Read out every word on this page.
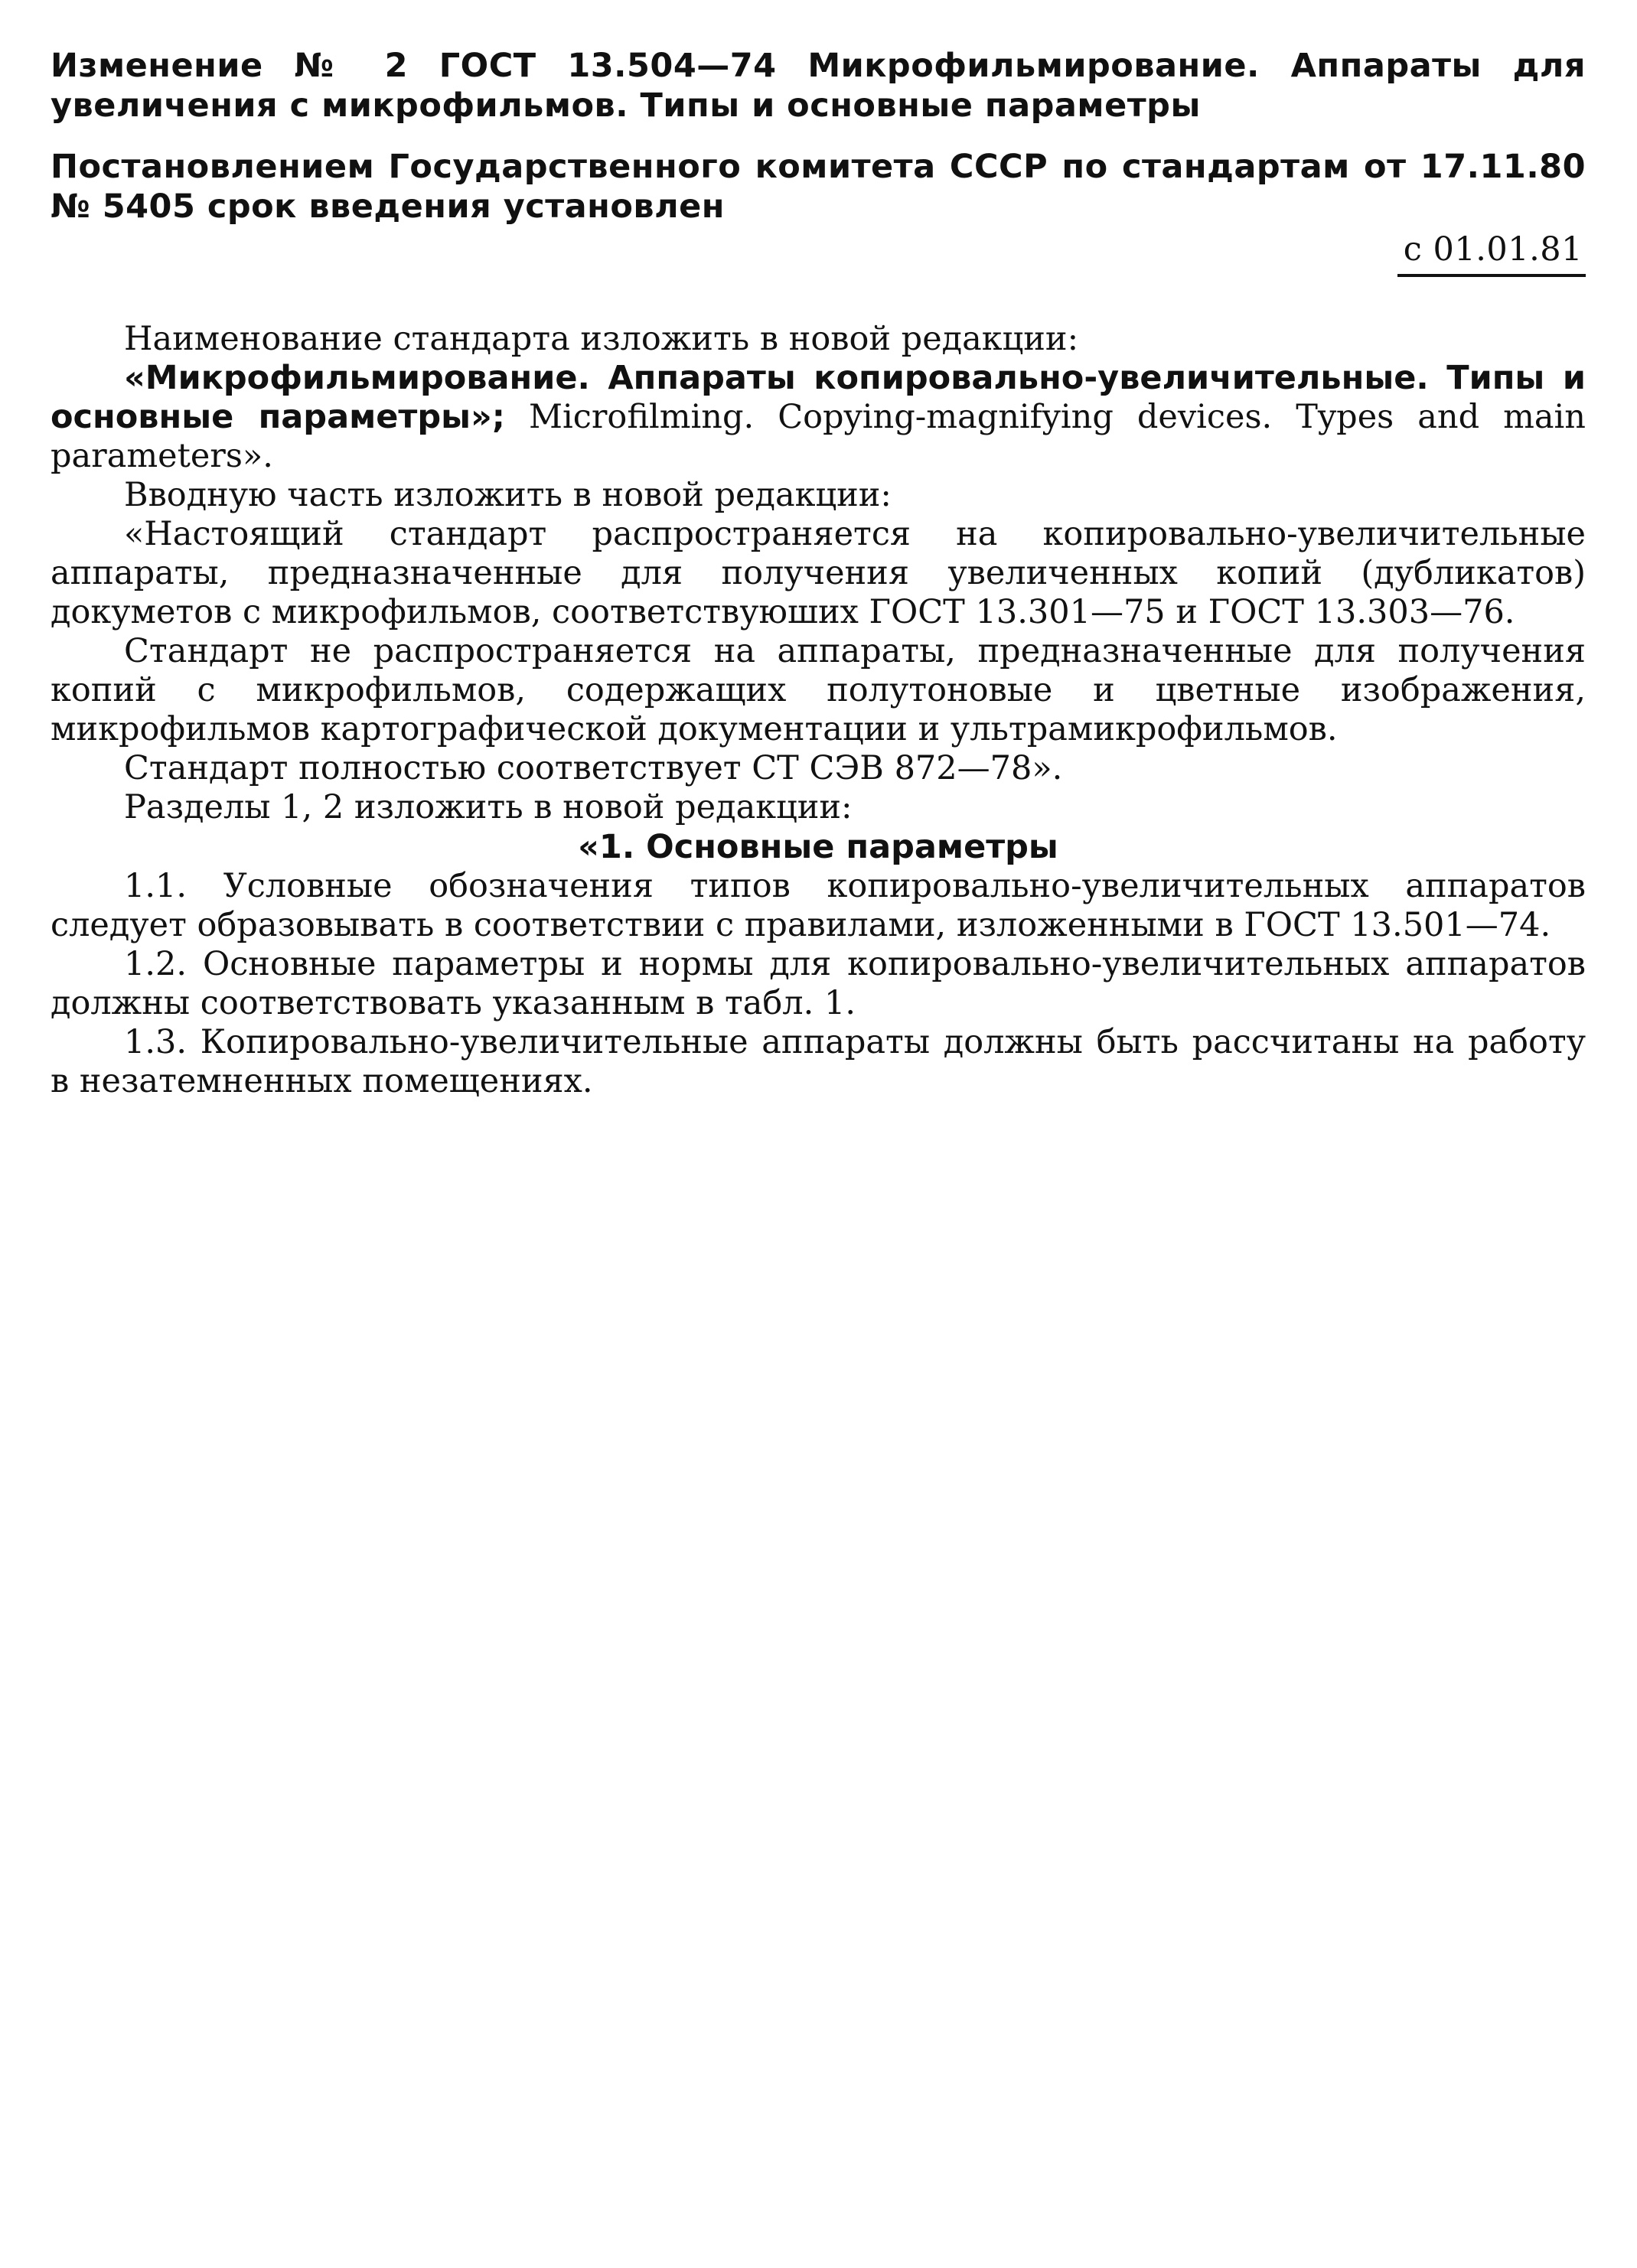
Изменение № 2 ГОСТ 13.504—74 Микрофильмирование. Аппараты для увеличения с микрофильмов. Типы и основные параметры

Постановлением Государственного комитета СССР по стандартам от 17.11.80 № 5405 срок введения установлен

с 01.01.81

Наименование стандарта изложить в новой редакции:

«Микрофильмирование. Аппараты копировально-увеличительные. Типы и основные параметры»; Microfilming. Copying-magnifying devices. Types and main parameters».

Вводную часть изложить в новой редакции:

«Настоящий стандарт распространяется на копировально-увеличительные аппараты, предназначенные для получения увеличенных копий (дубликатов) докуметов с микрофильмов, соответствуюших ГОСТ 13.301—75 и ГОСТ 13.303—76.

Стандарт не распространяется на аппараты, предназначенные для получения копий с микрофильмов, содержащих полутоновые и цветные изображения, микрофильмов картографической документации и ультрамикрофильмов.

Стандарт полностью соответствует СТ СЭВ 872—78».

Разделы 1, 2 изложить в новой редакции:

«1. Основные параметры

1.1. Условные обозначения типов копировально-увеличительных аппаратов следует образовывать в соответствии с правилами, изложенными в ГОСТ 13.501—74.

1.2. Основные параметры и нормы для копировально-увеличительных аппаратов должны соответствовать указанным в табл. 1.

1.3. Копировально-увеличительные аппараты должны быть рассчитаны на работу в незатемненных помещениях.
